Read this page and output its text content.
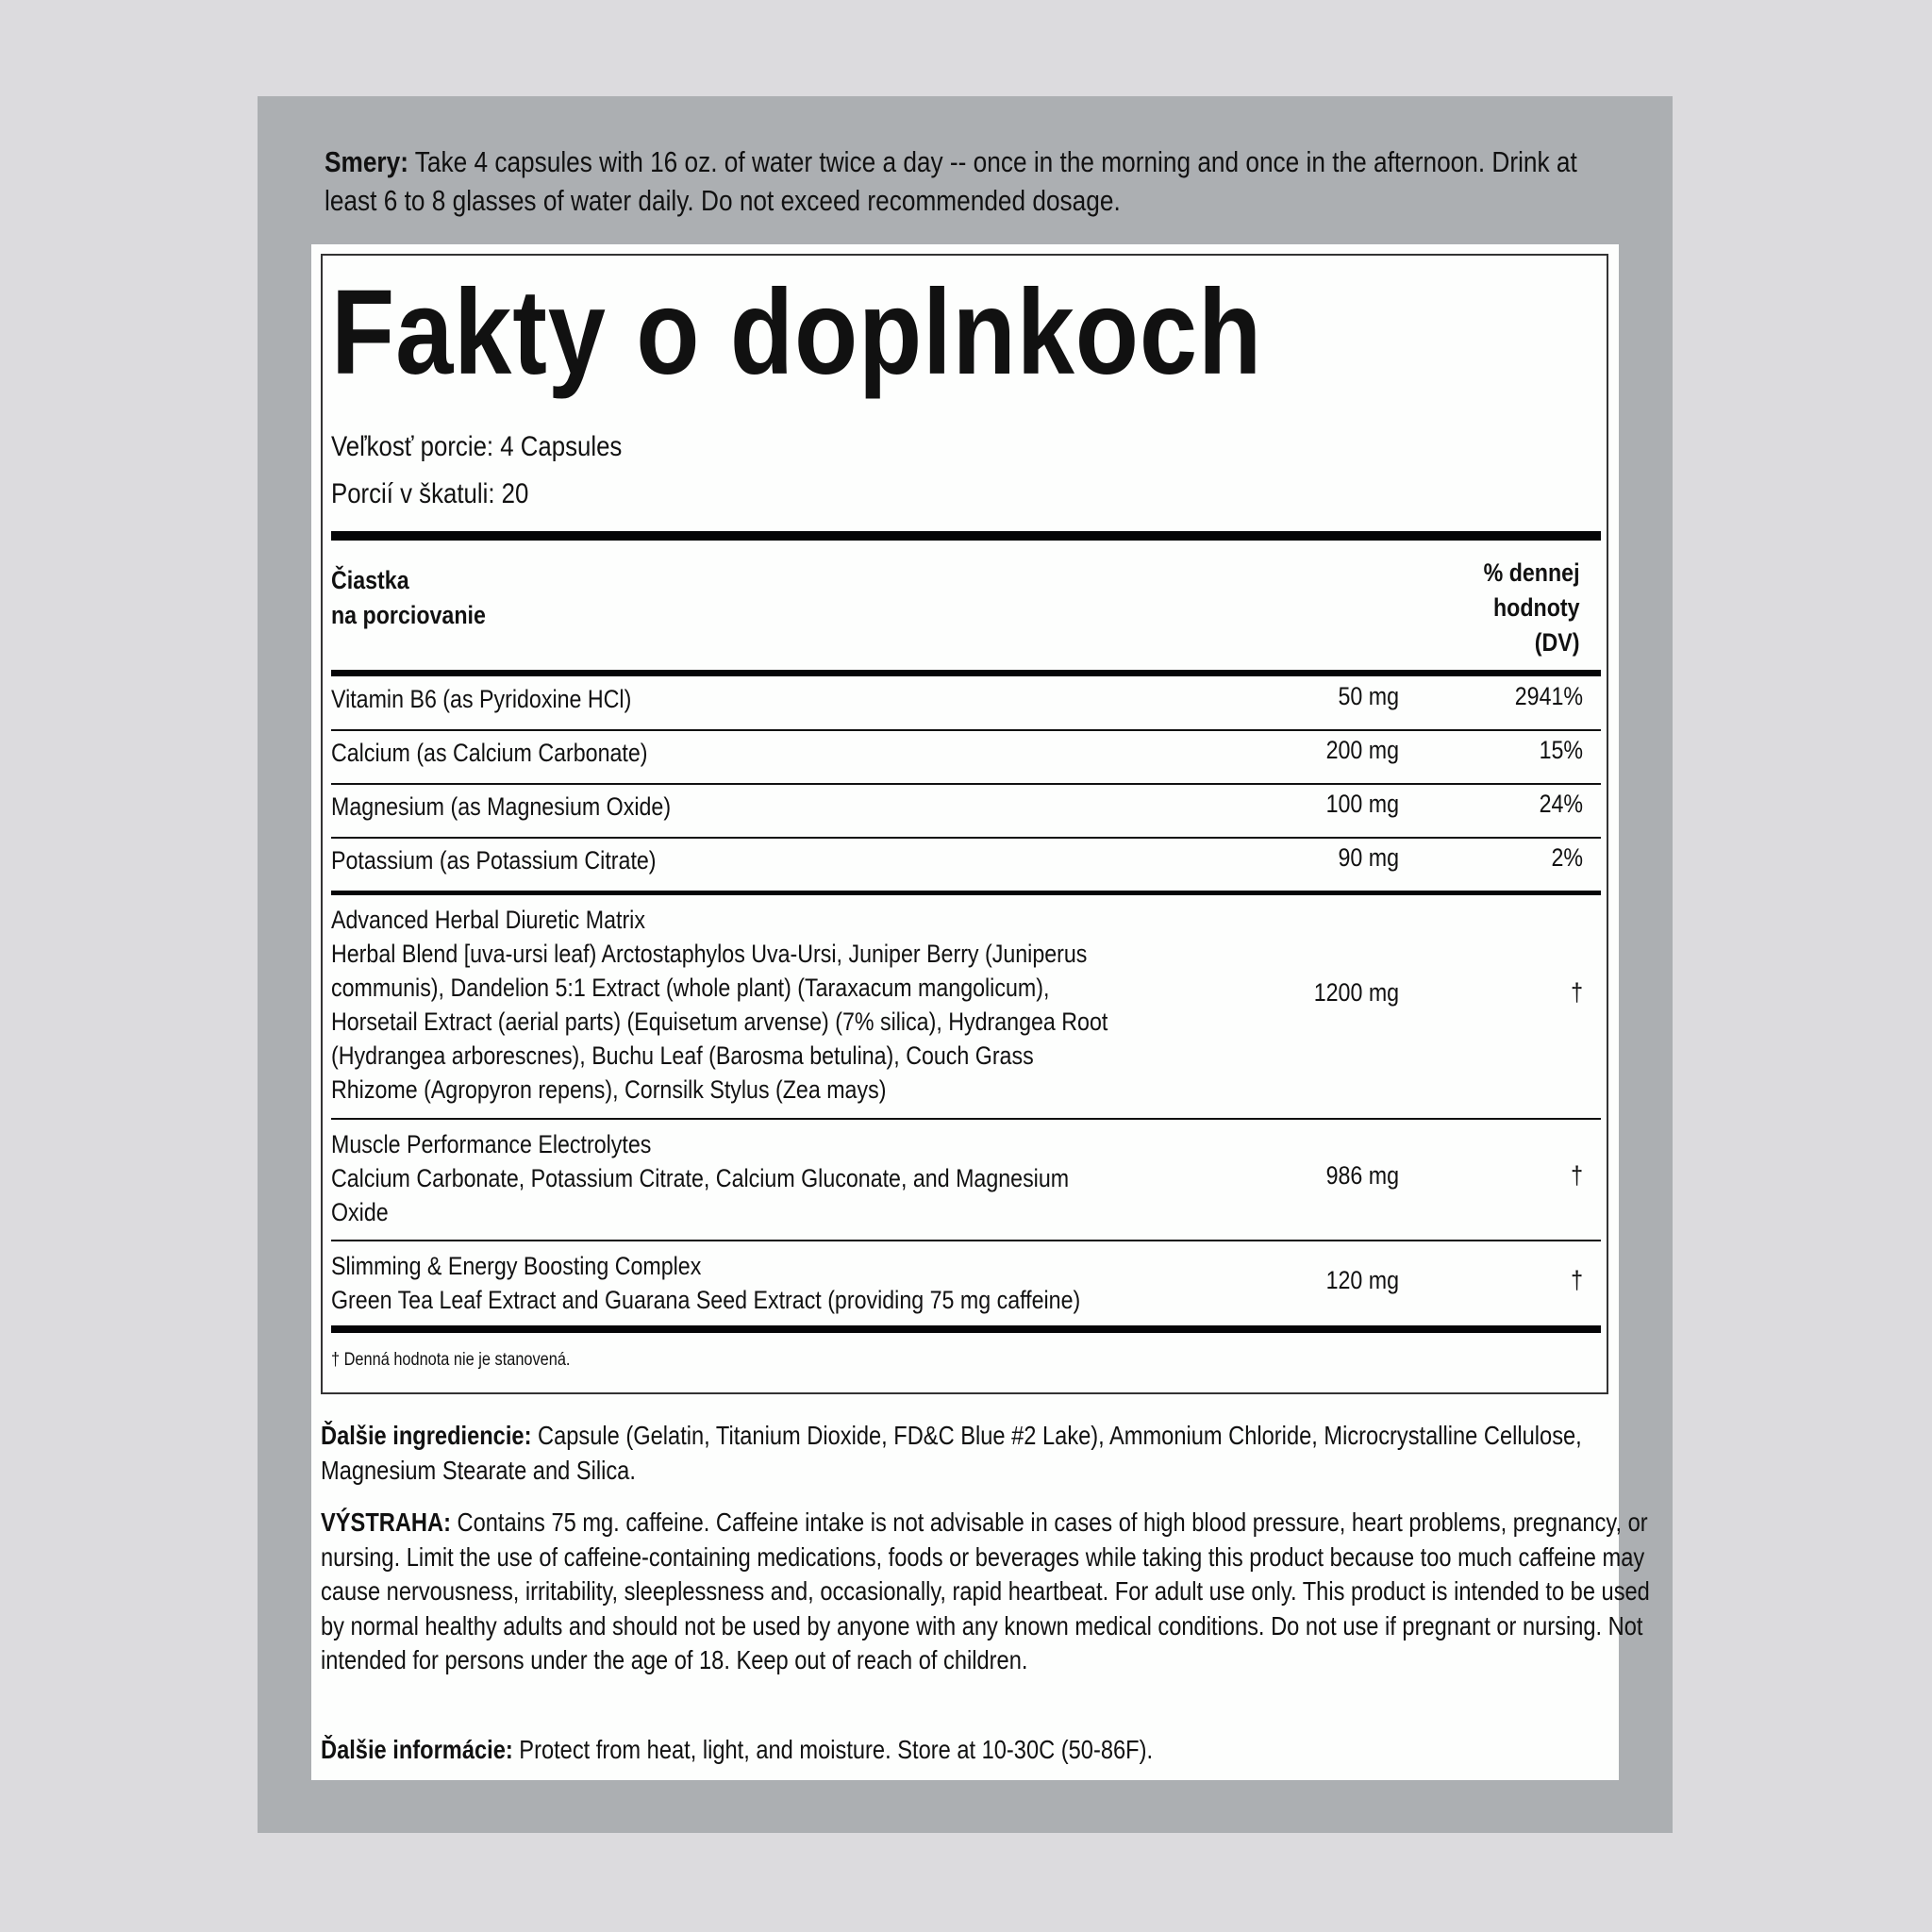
Smery: Take 4 capsules with 16 oz. of water twice a day -- once in the morning and once in the afternoon. Drink at least 6 to 8 glasses of water daily. Do not exceed recommended dosage.
Fakty o doplnkoch
Veľkosť porcie: 4 Capsules
Porcií v škatuli: 20
Čiastka
na porciovanie
% dennej
hodnoty
(DV)
Vitamin B6 (as Pyridoxine HCl)	50 mg	2941%
Calcium (as Calcium Carbonate)	200 mg	15%
Magnesium (as Magnesium Oxide)	100 mg	24%
Potassium (as Potassium Citrate)	90 mg	2%
Advanced Herbal Diuretic Matrix
Herbal Blend [uva-ursi leaf) Arctostaphylos Uva-Ursi, Juniper Berry (Juniperus
communis), Dandelion 5:1 Extract (whole plant) (Taraxacum mangolicum),
Horsetail Extract (aerial parts) (Equisetum arvense) (7% silica), Hydrangea Root
(Hydrangea arborescnes), Buchu Leaf (Barosma betulina), Couch Grass
Rhizome (Agropyron repens), Cornsilk Stylus (Zea mays)
1200 mg	†
Muscle Performance Electrolytes
Calcium Carbonate, Potassium Citrate, Calcium Gluconate, and Magnesium
Oxide
986 mg	†
Slimming & Energy Boosting Complex
Green Tea Leaf Extract and Guarana Seed Extract (providing 75 mg caffeine)
120 mg	†
† Denná hodnota nie je stanovená.
Ďalšie ingrediencie: Capsule (Gelatin, Titanium Dioxide, FD&C Blue #2 Lake), Ammonium Chloride, Microcrystalline Cellulose, Magnesium Stearate and Silica.
VÝSTRAHA: Contains 75 mg. caffeine. Caffeine intake is not advisable in cases of high blood pressure, heart problems, pregnancy, or nursing. Limit the use of caffeine-containing medications, foods or beverages while taking this product because too much caffeine may cause nervousness, irritability, sleeplessness and, occasionally, rapid heartbeat. For adult use only. This product is intended to be used by normal healthy adults and should not be used by anyone with any known medical conditions. Do not use if pregnant or nursing. Not intended for persons under the age of 18. Keep out of reach of children.
Ďalšie informácie: Protect from heat, light, and moisture. Store at 10-30C (50-86F).
